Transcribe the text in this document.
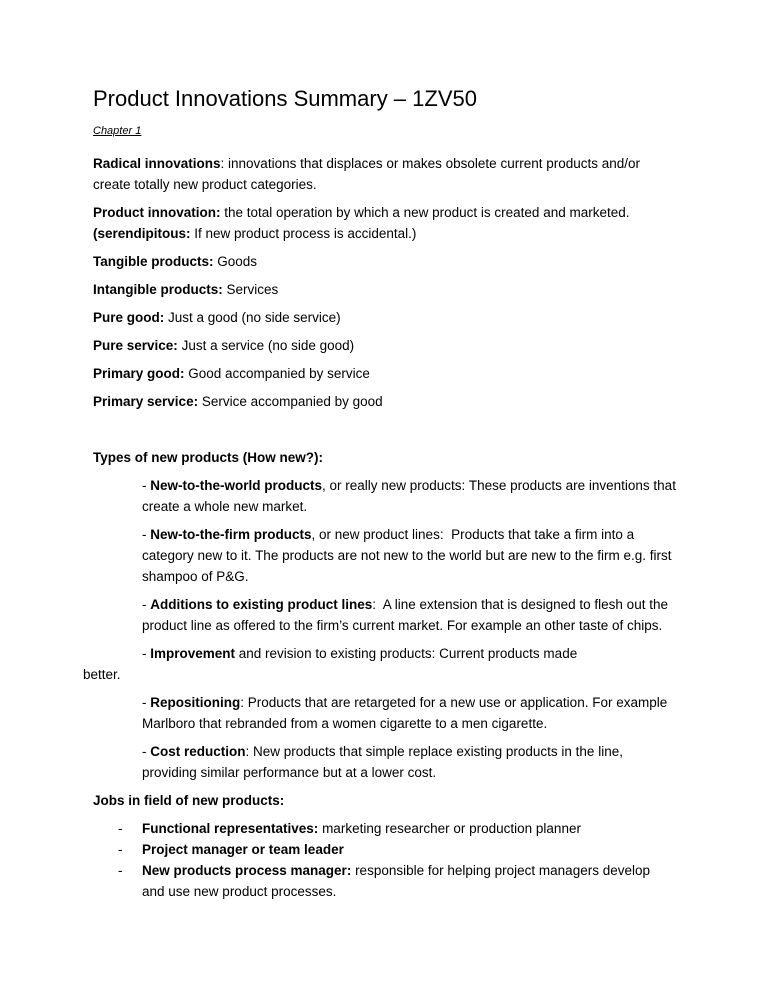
Product Innovations Summary – 1ZV50
Chapter 1

Radical innovations: innovations that displaces or makes obsolete current products and/or create totally new product categories.

Product innovation: the total operation by which a new product is created and marketed. (serendipitous: If new product process is accidental.)

Tangible products: Goods

Intangible products: Services

Pure good: Just a good (no side service)

Pure service: Just a service (no side good)

Primary good: Good accompanied by service

Primary service: Service accompanied by good

Types of new products (How new?):

- New-to-the-world products, or really new products: These products are inventions that create a whole new market.

- New-to-the-firm products, or new product lines:  Products that take a firm into a category new to it. The products are not new to the world but are new to the firm e.g. first shampoo of P&G.

- Additions to existing product lines:  A line extension that is designed to flesh out the product line as offered to the firm’s current market. For example an other taste of chips.

- Improvement and revision to existing products: Current products made
better.

- Repositioning: Products that are retargeted for a new use or application. For example Marlboro that rebranded from a women cigarette to a men cigarette.

- Cost reduction: New products that simple replace existing products in the line, providing similar performance but at a lower cost.

Jobs in field of new products:

- Functional representatives: marketing researcher or production planner
- Project manager or team leader
- New products process manager: responsible for helping project managers develop and use new product processes.
